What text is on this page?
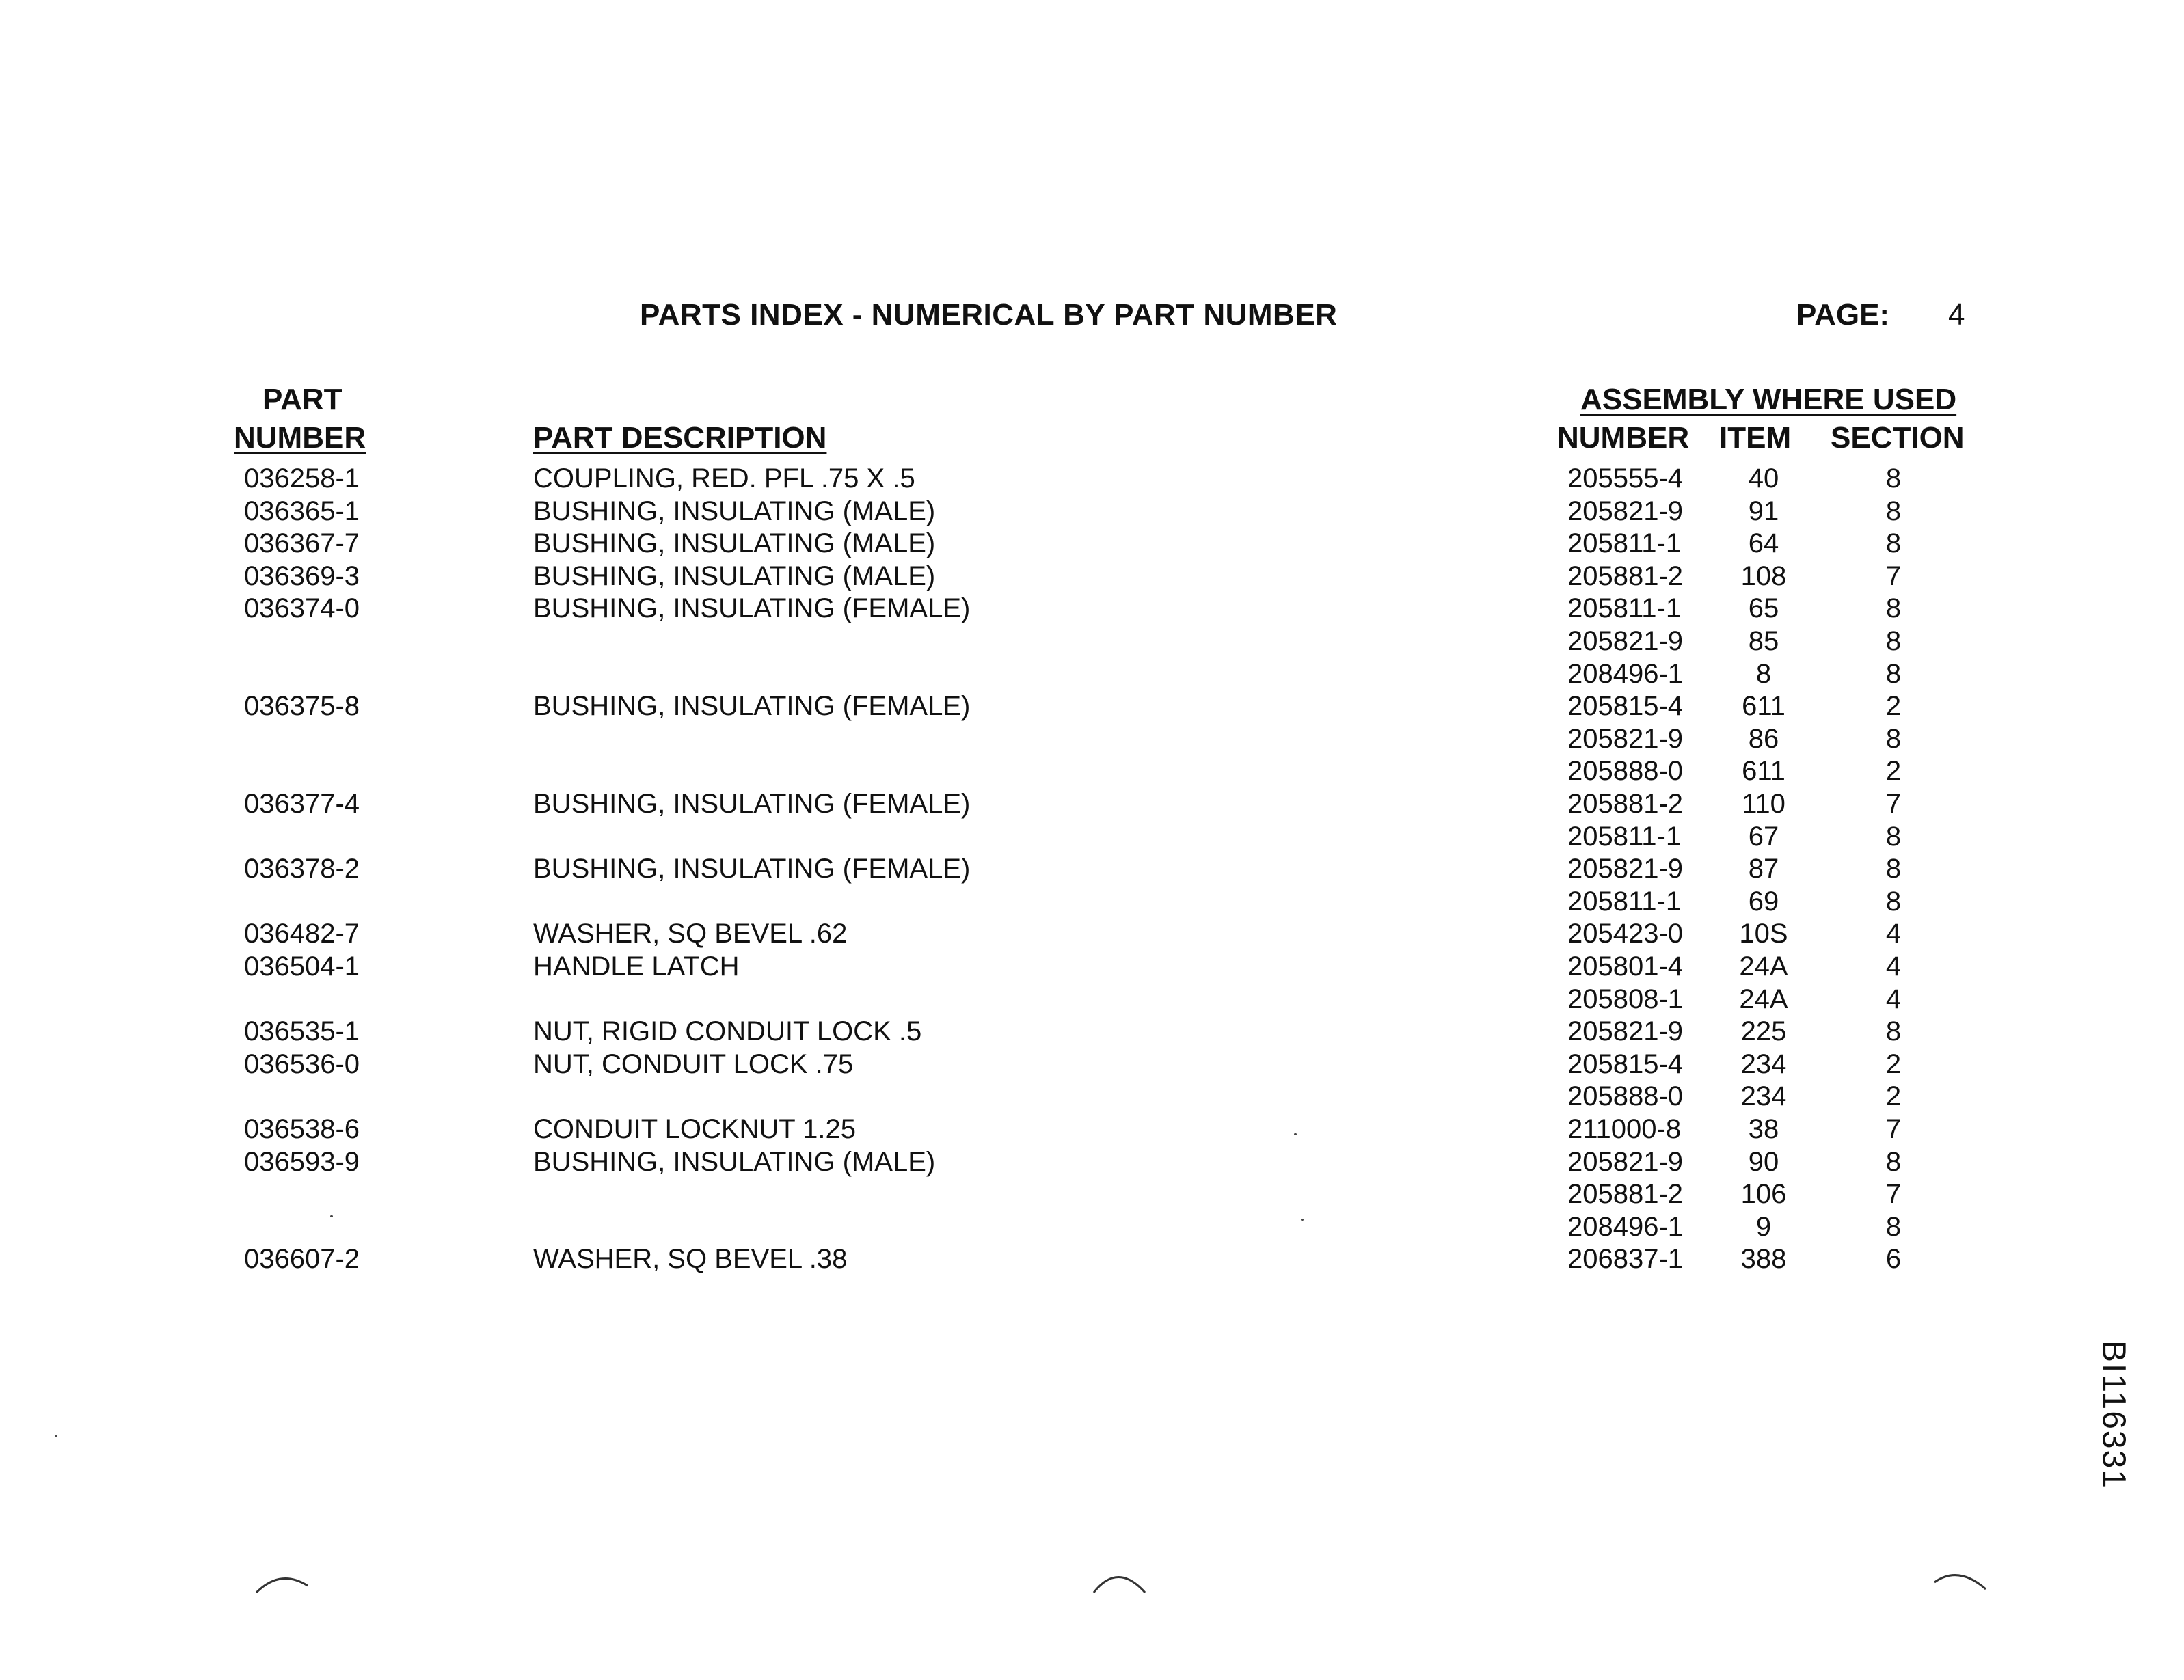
PARTS INDEX - NUMERICAL BY PART NUMBER	PAGE: 4
PART
NUMBER	PART DESCRIPTION
ASSEMBLY WHERE USED
NUMBER ITEM SECTION
036258-1	COUPLING, RED. PFL .75 X .5	205555-4	40	8
036365-1	BUSHING, INSULATING (MALE)	205821-9	91	8
036367-7	BUSHING, INSULATING (MALE)	205811-1	64	8
036369-3	BUSHING, INSULATING (MALE)	205881-2	108	7
036374-0	BUSHING, INSULATING (FEMALE)	205811-1	65	8
205821-9	85	8
208496-1	8	8
036375-8	BUSHING, INSULATING (FEMALE)	205815-4	611	2
205821-9	86	8
205888-0	611	2
036377-4	BUSHING, INSULATING (FEMALE)	205881-2	110	7
205811-1	67	8
036378-2	BUSHING, INSULATING (FEMALE)	205821-9	87	8
205811-1	69	8
036482-7	WASHER, SQ BEVEL .62	205423-0	10S	4
036504-1	HANDLE LATCH	205801-4	24A	4
205808-1	24A	4
036535-1	NUT, RIGID CONDUIT LOCK .5	205821-9	225	8
036536-0	NUT, CONDUIT LOCK .75	205815-4	234	2
205888-0	234	2
036538-6	CONDUIT LOCKNUT 1.25	211000-8	38	7
036593-9	BUSHING, INSULATING (MALE)	205821-9	90	8
205881-2	106	7
208496-1	9	8
036607-2	WASHER, SQ BEVEL .38	206837-1	388	6
BI116331
